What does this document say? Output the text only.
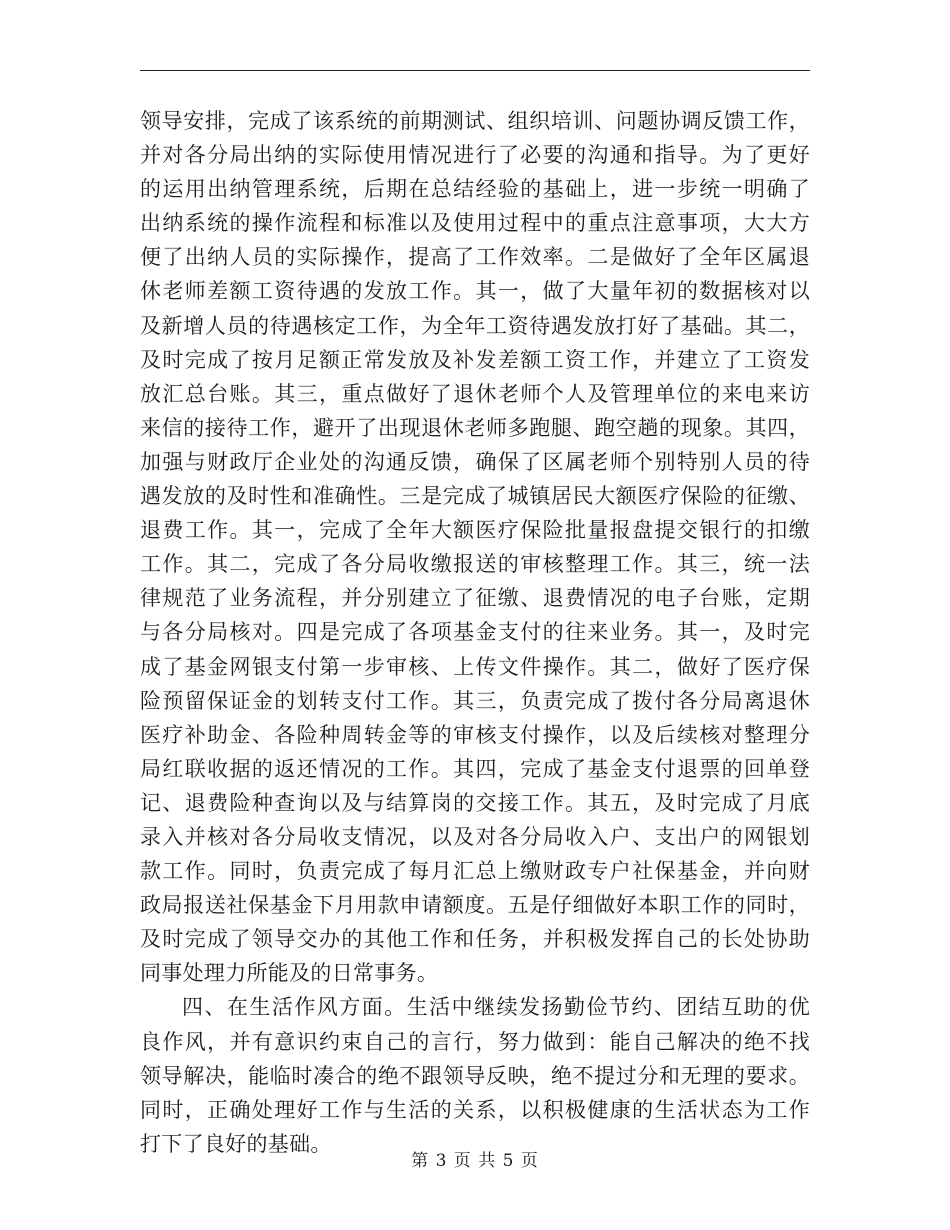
领导安排，完成了该系统的前期测试、组织培训、问题协调反馈工作，
并对各分局出纳的实际使用情况进行了必要的沟通和指导。为了更好
的运用出纳管理系统，后期在总结经验的基础上，进一步统一明确了
出纳系统的操作流程和标准以及使用过程中的重点注意事项，大大方
便了出纳人员的实际操作，提高了工作效率。二是做好了全年区属退
休老师差额工资待遇的发放工作。其一，做了大量年初的数据核对以
及新增人员的待遇核定工作，为全年工资待遇发放打好了基础。其二，
及时完成了按月足额正常发放及补发差额工资工作，并建立了工资发
放汇总台账。其三，重点做好了退休老师个人及管理单位的来电来访
来信的接待工作，避开了出现退休老师多跑腿、跑空趟的现象。其四，
加强与财政厅企业处的沟通反馈，确保了区属老师个别特别人员的待
遇发放的及时性和准确性。三是完成了城镇居民大额医疗保险的征缴、
退费工作。其一，完成了全年大额医疗保险批量报盘提交银行的扣缴
工作。其二，完成了各分局收缴报送的审核整理工作。其三，统一法
律规范了业务流程，并分别建立了征缴、退费情况的电子台账，定期
与各分局核对。四是完成了各项基金支付的往来业务。其一，及时完
成了基金网银支付第一步审核、上传文件操作。其二，做好了医疗保
险预留保证金的划转支付工作。其三，负责完成了拨付各分局离退休
医疗补助金、各险种周转金等的审核支付操作，以及后续核对整理分
局红联收据的返还情况的工作。其四，完成了基金支付退票的回单登
记、退费险种查询以及与结算岗的交接工作。其五，及时完成了月底
录入并核对各分局收支情况，以及对各分局收入户、支出户的网银划
款工作。同时，负责完成了每月汇总上缴财政专户社保基金，并向财
政局报送社保基金下月用款申请额度。五是仔细做好本职工作的同时，
及时完成了领导交办的其他工作和任务，并积极发挥自己的长处协助
同事处理力所能及的日常事务。
四、在生活作风方面。生活中继续发扬勤俭节约、团结互助的优
良作风，并有意识约束自己的言行，努力做到：能自己解决的绝不找
领导解决，能临时凑合的绝不跟领导反映，绝不提过分和无理的要求。
同时，正确处理好工作与生活的关系，以积极健康的生活状态为工作
打下了良好的基础。
第 3 页 共 5 页
